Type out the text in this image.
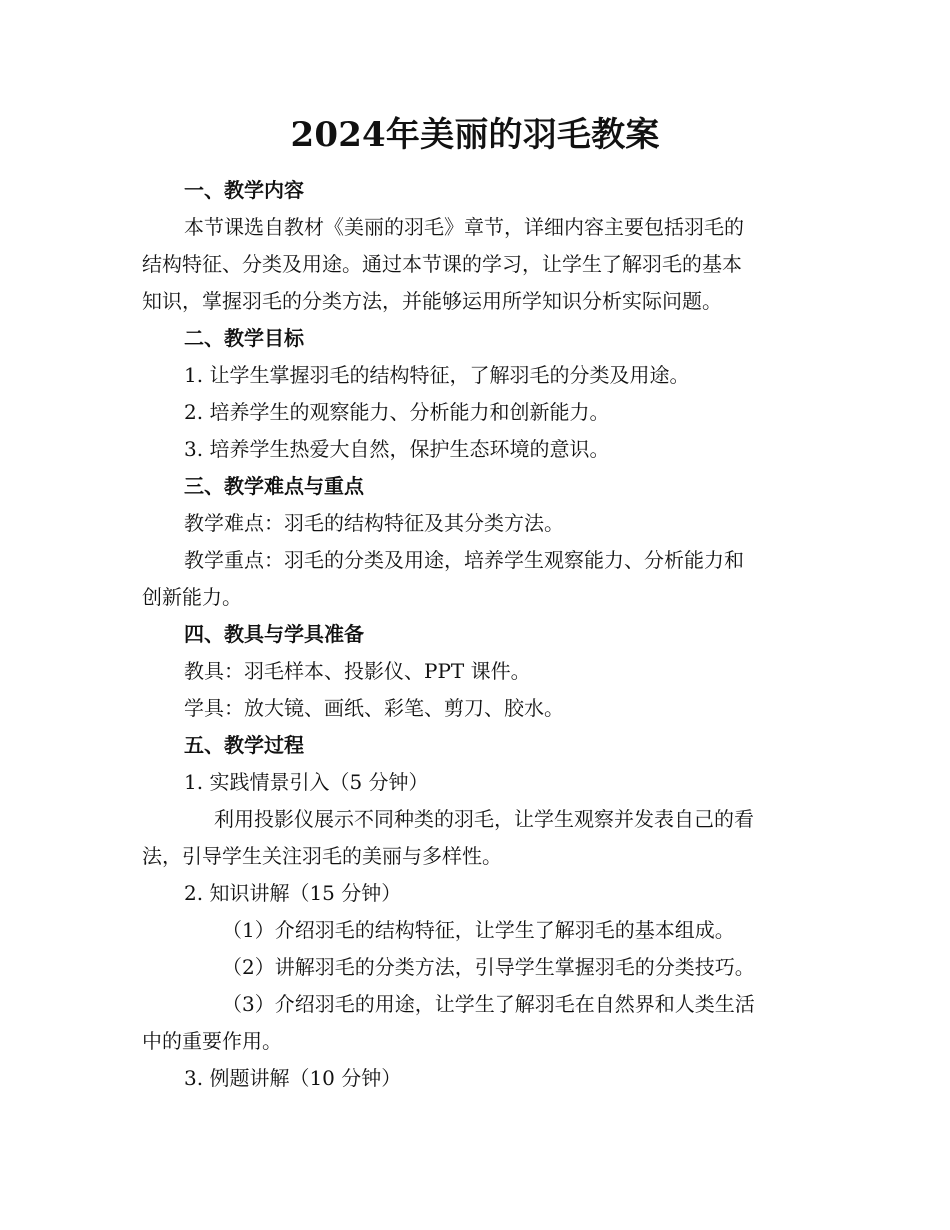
2024年美丽的羽毛教案

一、教学内容

本节课选自教材《美丽的羽毛》章节，详细内容主要包括羽毛的

结构特征、分类及用途。通过本节课的学习，让学生了解羽毛的基本

知识，掌握羽毛的分类方法，并能够运用所学知识分析实际问题。

二、教学目标

1. 让学生掌握羽毛的结构特征，了解羽毛的分类及用途。

2. 培养学生的观察能力、分析能力和创新能力。

3. 培养学生热爱大自然，保护生态环境的意识。

三、教学难点与重点

教学难点：羽毛的结构特征及其分类方法。

教学重点：羽毛的分类及用途，培养学生观察能力、分析能力和

创新能力。

四、教具与学具准备

教具：羽毛样本、投影仪、PPT 课件。

学具：放大镜、画纸、彩笔、剪刀、胶水。

五、教学过程

1. 实践情景引入（5 分钟）

利用投影仪展示不同种类的羽毛，让学生观察并发表自己的看

法，引导学生关注羽毛的美丽与多样性。

2. 知识讲解（15 分钟）

（1）介绍羽毛的结构特征，让学生了解羽毛的基本组成。

（2）讲解羽毛的分类方法，引导学生掌握羽毛的分类技巧。

（3）介绍羽毛的用途，让学生了解羽毛在自然界和人类生活

中的重要作用。

3. 例题讲解（10 分钟）
